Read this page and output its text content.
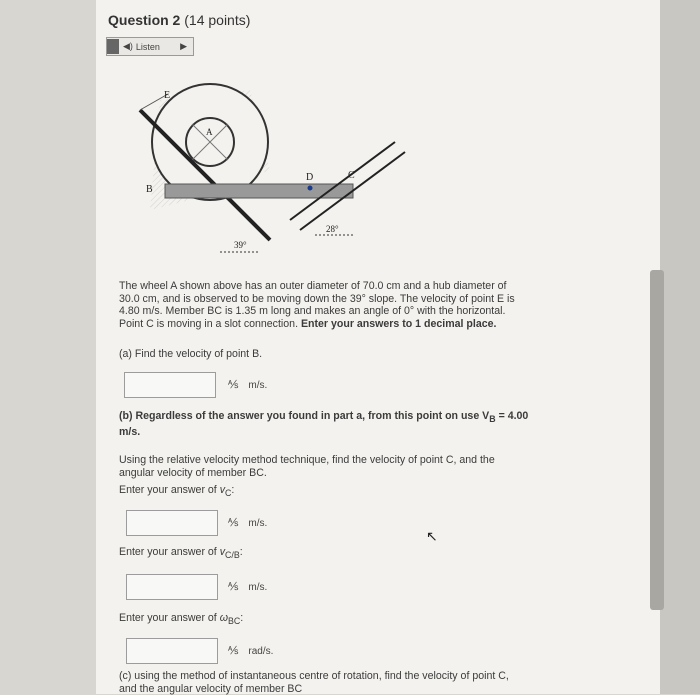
Question 2 (14 points)
◀) Listen ▶
E
A
B
D	C
39°
28°
The wheel A shown above has an outer diameter of 70.0 cm and a hub diameter of
30.0 cm, and is observed to be moving down the 39° slope. The velocity of point E is
4.80 m/s. Member BC is 1.35 m long and makes an angle of 0° with the horizontal.
Point C is moving in a slot connection. Enter your answers to 1 decimal place.
(a) Find the velocity of point B.
⅍ m/s.
(b) Regardless of the answer you found in part a, from this point on use $V_B = 4.00$
m/s.
Using the relative velocity method technique, find the velocity of point C, and the
angular velocity of member BC.
Enter your answer of $v_C$:
⅍ m/s.
Enter your answer of $v_{C/B}$:
⅍ m/s.
Enter your answer of $\omega_{BC}$:
⅍ rad/s.
(c) using the method of instantaneous centre of rotation, find the velocity of point C,
and the angular velocity of member BC
↖
